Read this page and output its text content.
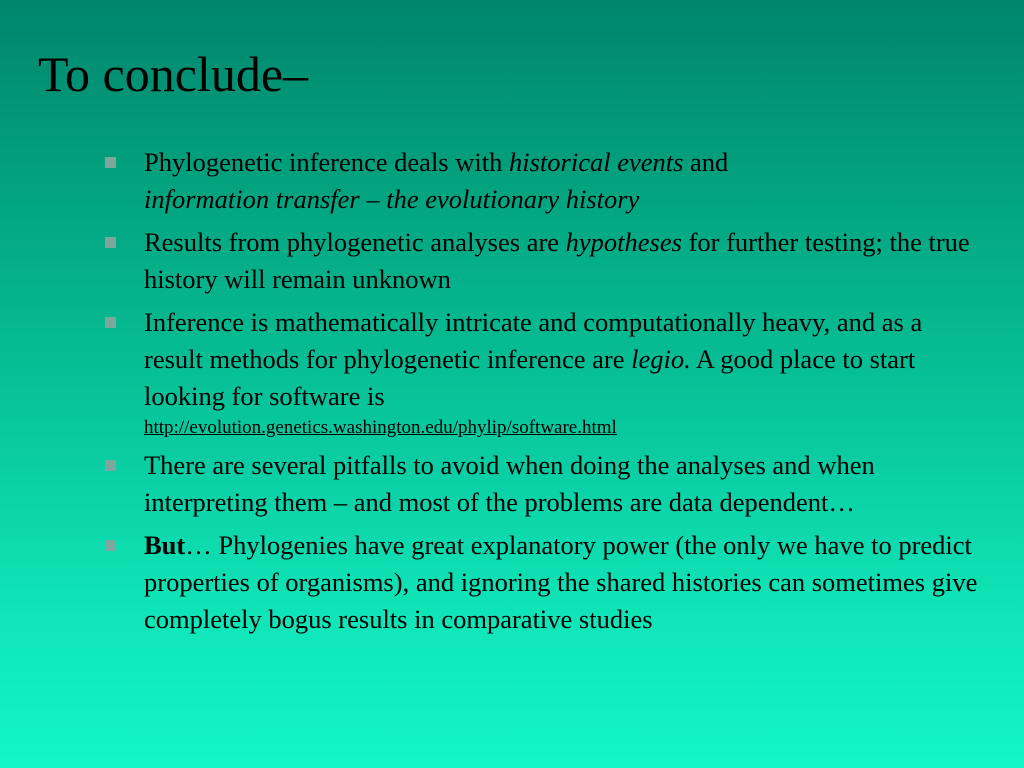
To conclude–
Phylogenetic inference deals with historical events and
information transfer – the evolutionary history
Results from phylogenetic analyses are hypotheses for further testing; the true history will remain unknown
Inference is mathematically intricate and computationally heavy, and as a result methods for phylogenetic inference are legio. A good place to start looking for software is
http://evolution.genetics.washington.edu/phylip/software.html
There are several pitfalls to avoid when doing the analyses and when interpreting them – and most of the problems are data dependent…
But… Phylogenies have great explanatory power (the only we have to predict properties of organisms), and ignoring the shared histories can sometimes give completely bogus results in comparative studies
